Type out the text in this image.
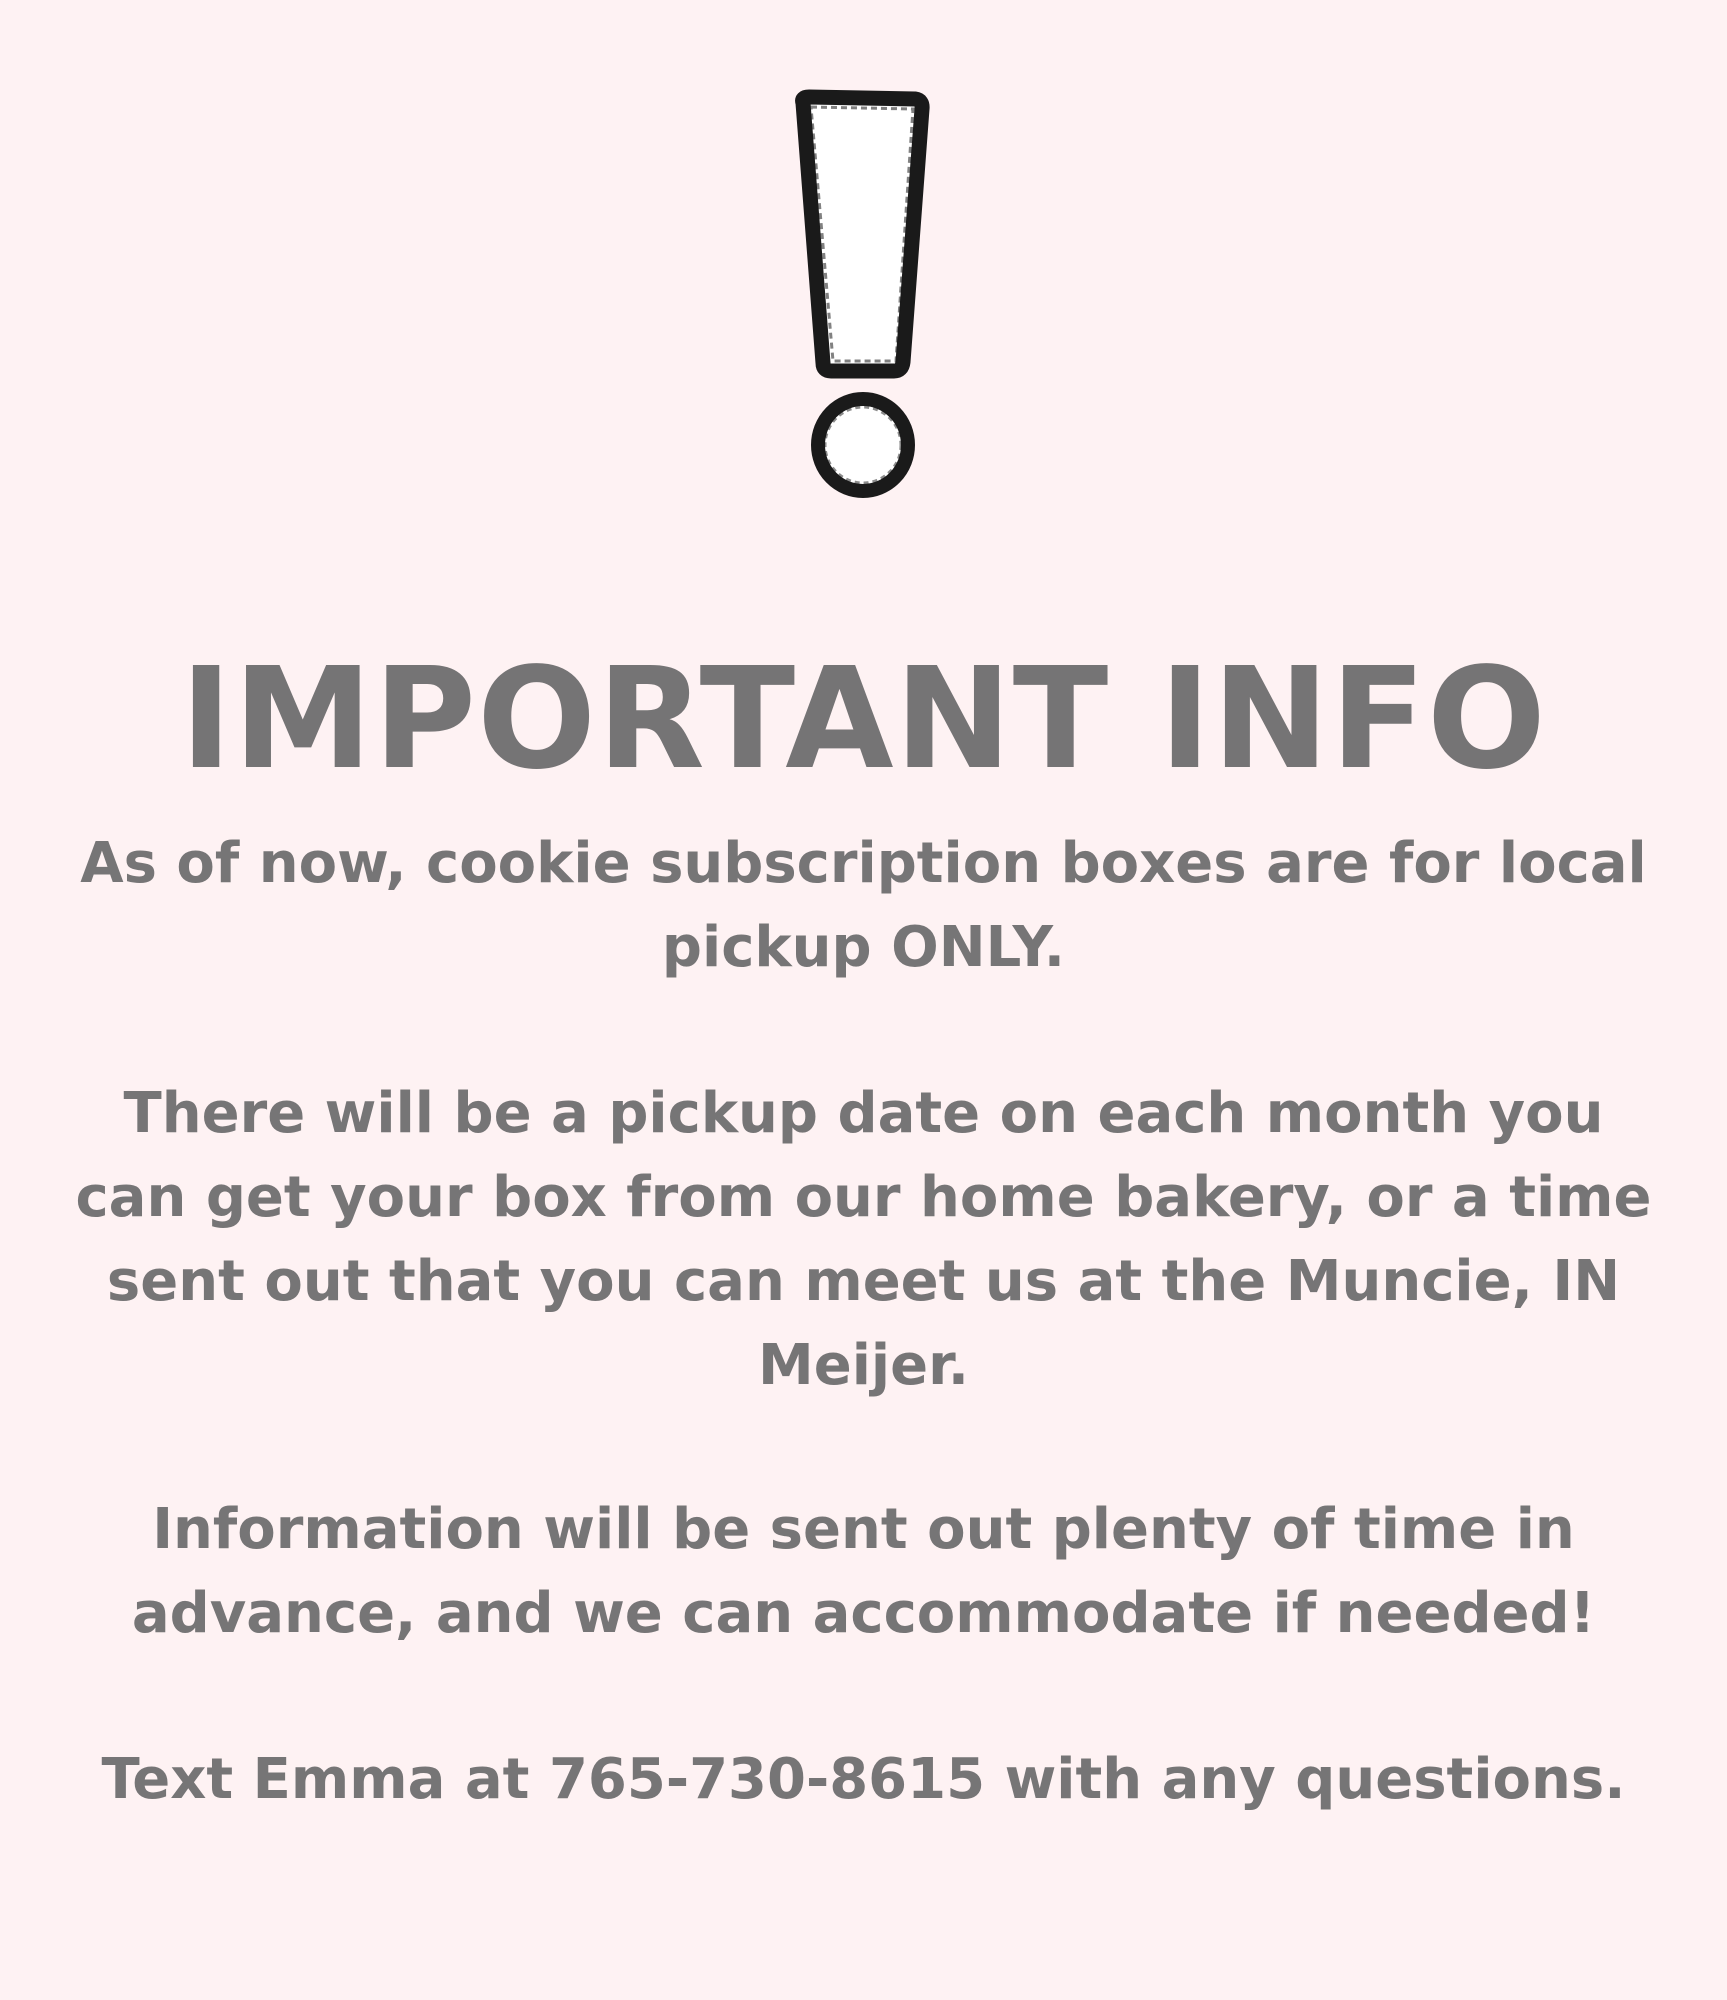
IMPORTANT INFO

As of now, cookie subscription boxes are for local pickup ONLY.

There will be a pickup date on each month you can get your box from our home bakery, or a time sent out that you can meet us at the Muncie, IN Meijer.

Information will be sent out plenty of time in advance, and we can accommodate if needed!

Text Emma at 765-730-8615 with any questions.
